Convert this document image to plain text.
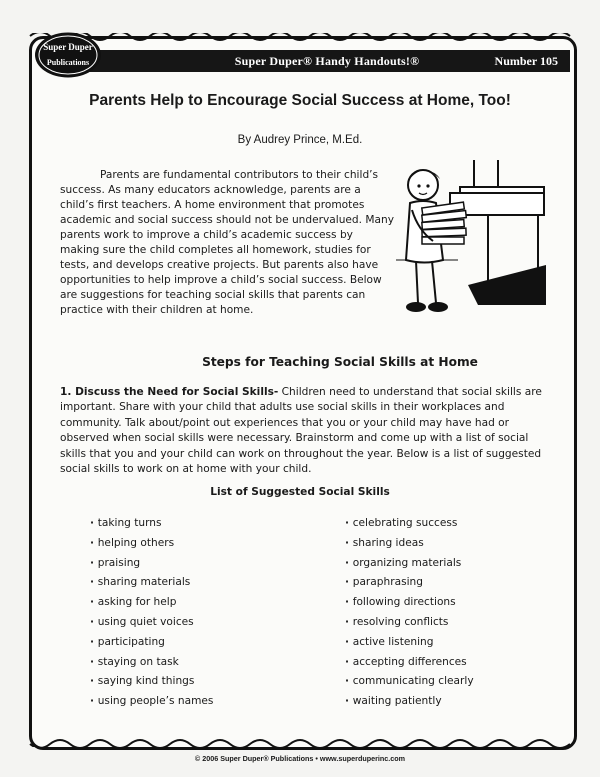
Super Duper® Handy Handouts!®	Number 105
Super Duper
Publications
Parents Help to Encourage Social Success at Home, Too!
By Audrey Prince, M.Ed.

Parents are fundamental contributors to their child’s success. As many educators acknowledge, parents are a child’s first teachers. A home environment that promotes academic and social success should not be undervalued. Many parents work to improve a child’s academic success by making sure the child completes all homework, studies for tests, and develops creative projects. But parents also have opportunities to help improve a child’s social success. Below are suggestions for teaching social skills that parents can practice with their children at home.

Steps for Teaching Social Skills at Home

1. Discuss the Need for Social Skills- Children need to understand that social skills are important. Share with your child that adults use social skills in their workplaces and community. Talk about/point out experiences that you or your child may have had or observed when social skills were necessary. Brainstorm and come up with a list of social skills that you and your child can work on throughout the year. Below is a list of suggested social skills to work on at home with your child.

List of Suggested Social Skills
· taking turns
· helping others
· praising
· sharing materials
· asking for help
· using quiet voices
· participating
· staying on task
· saying kind things
· using people’s names
· celebrating success
· sharing ideas
· organizing materials
· paraphrasing
· following directions
· resolving conflicts
· active listening
· accepting differences
· communicating clearly
· waiting patiently
© 2006 Super Duper® Publications • www.superduperinc.com
